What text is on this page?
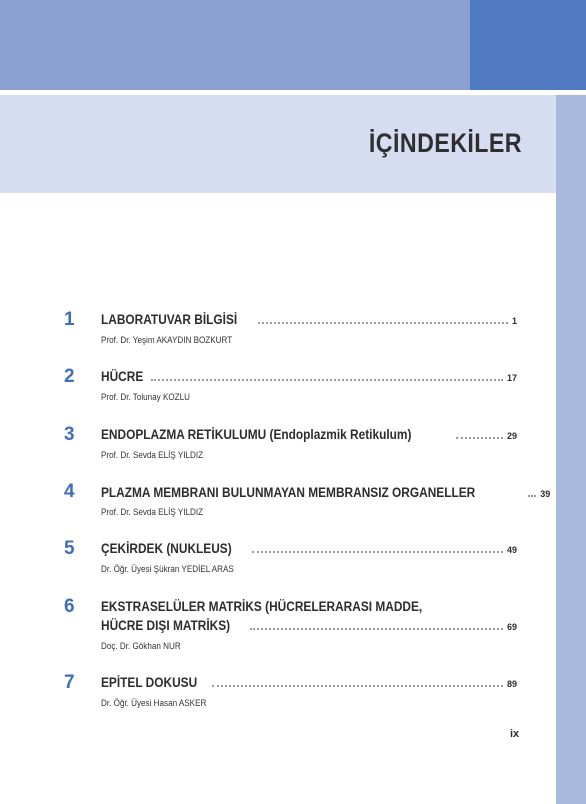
İÇİNDEKİLER
1	LABORATUVAR BİLGİSİ	1
Prof. Dr. Yeşim AKAYDIN BOZKURT
2	HÜCRE	17
Prof. Dr. Tolunay KOZLU
3	ENDOPLAZMA RETİKULUMU (Endoplazmik Retikulum)	29
Prof. Dr. Sevda ELİŞ YILDIZ
4	PLAZMA MEMBRANI BULUNMAYAN MEMBRANSIZ ORGANELLER	39
Prof. Dr. Sevda ELİŞ YILDIZ
5	ÇEKİRDEK (NUKLEUS)	49
Dr. Öğr. Üyesi Şükran YEDİEL ARAS
6	EKSTRASELÜLER MATRİKS (HÜCRELERARASI MADDE,
HÜCRE DIŞI MATRİKS)	69
Doç. Dr. Gökhan NUR
7	EPİTEL DOKUSU	89
Dr. Öğr. Üyesi Hasan ASKER
ix
